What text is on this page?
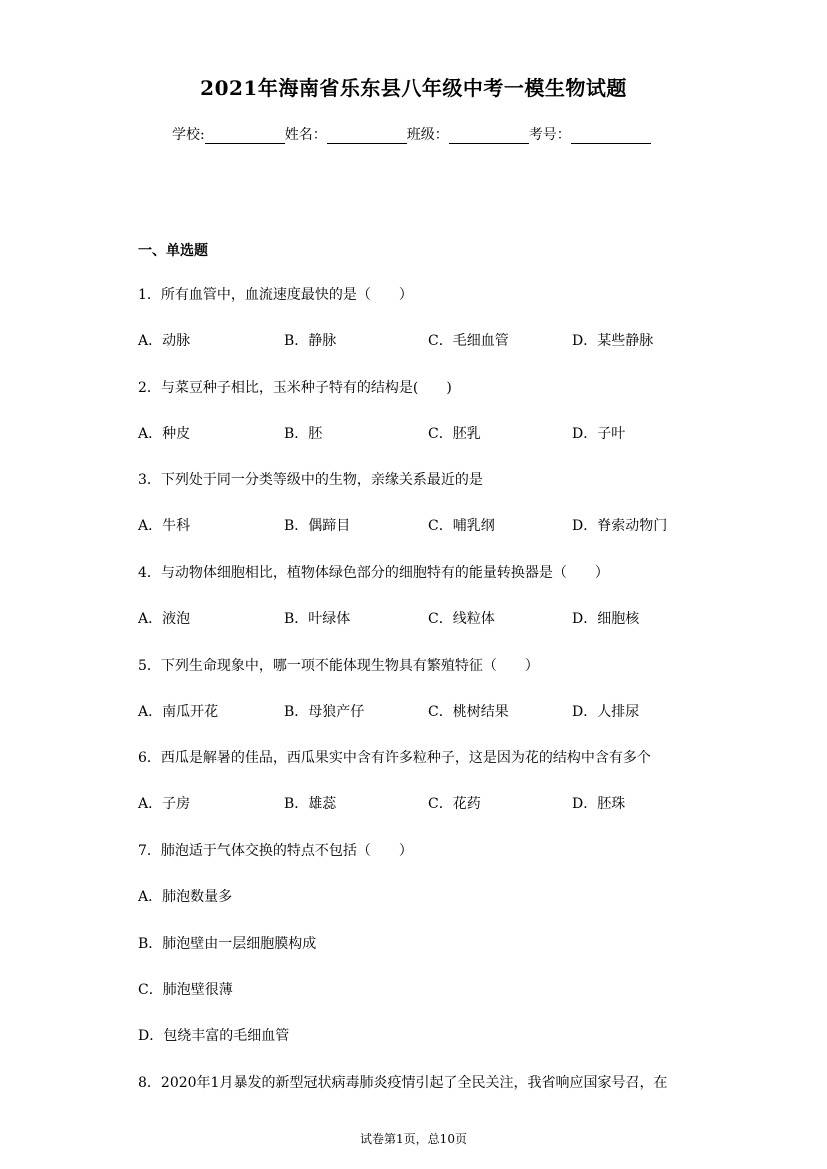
2021年海南省乐东县八年级中考一模生物试题
学校:	姓名：	班级：	考号：
一、单选题
1．所有血管中，血流速度最快的是（　　）
A．动脉	B．静脉	C．毛细血管	D．某些静脉
2．与菜豆种子相比，玉米种子特有的结构是(　　)
A．种皮	B．胚	C．胚乳	D．子叶
3．下列处于同一分类等级中的生物，亲缘关系最近的是
A．牛科	B．偶蹄目	C．哺乳纲	D．脊索动物门
4．与动物体细胞相比，植物体绿色部分的细胞特有的能量转换器是（　　）
A．液泡	B．叶绿体	C．线粒体	D．细胞核
5．下列生命现象中，哪一项不能体现生物具有繁殖特征（　　）
A．南瓜开花	B．母狼产仔	C．桃树结果	D．人排尿
6．西瓜是解暑的佳品，西瓜果实中含有许多粒种子，这是因为花的结构中含有多个
A．子房	B．雄蕊	C．花药	D．胚珠
7．肺泡适于气体交换的特点不包括（　　）
A．肺泡数量多
B．肺泡壁由一层细胞膜构成
C．肺泡壁很薄
D．包绕丰富的毛细血管
8．2020年1月暴发的新型冠状病毒肺炎疫情引起了全民关注，我省响应国家号召，在
试卷第1页，总10页
